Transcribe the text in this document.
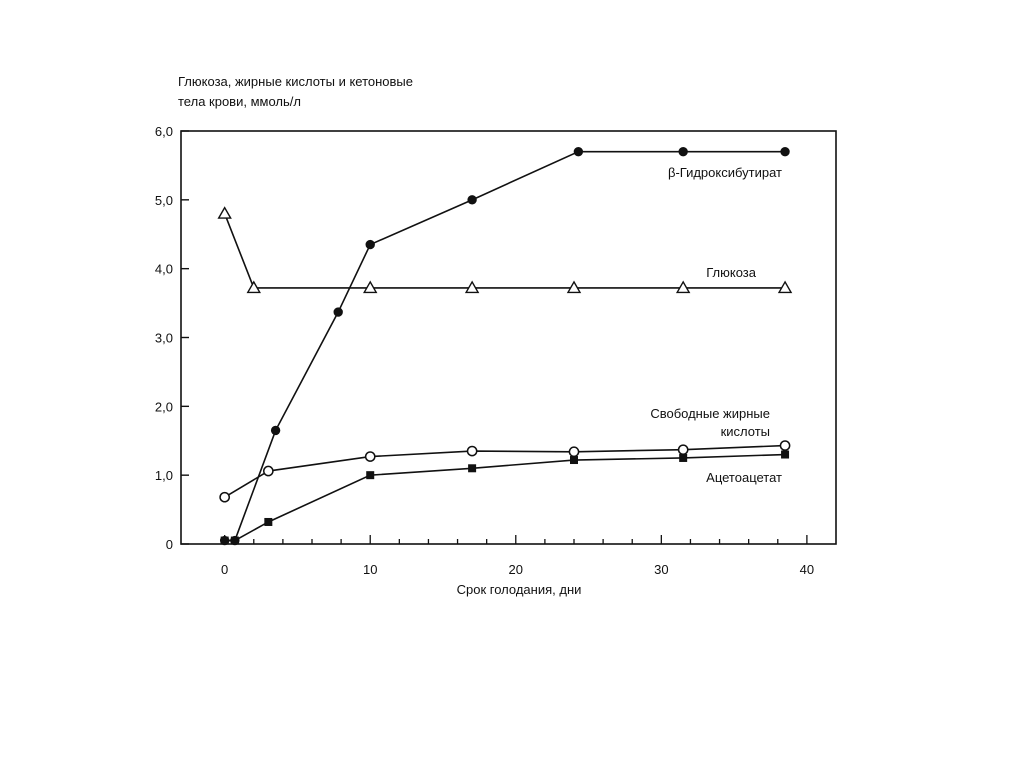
Глюкоза, жирные кислоты и кетоновые
тела крови, ммоль/л
0
1,0
2,0
3,0
4,0
5,0
6,0
0	10	20	30	40
β-Гидроксибутират
Глюкоза
Свободные жирные
кислоты
Ацетоацетат
Срок голодания, дни
